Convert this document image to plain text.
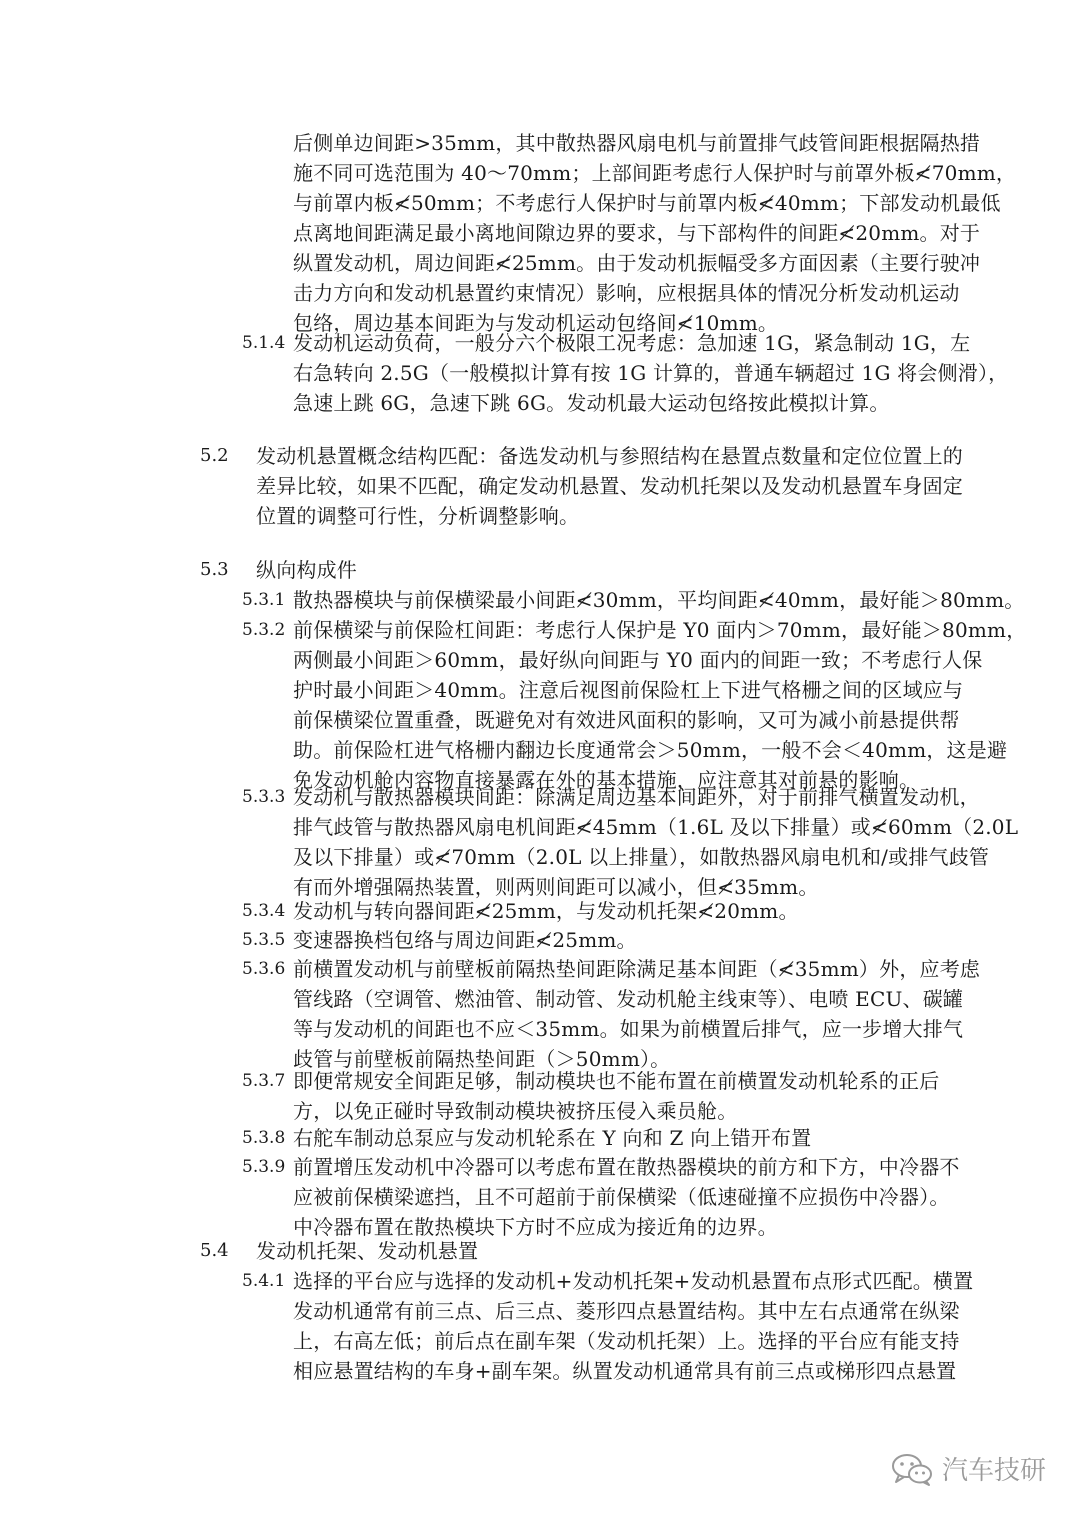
后侧单边间距>35mm，其中散热器风扇电机与前置排气歧管间距根据隔热措
施不同可选范围为 40～70mm；上部间距考虑行人保护时与前罩外板≮70mm，
与前罩内板≮50mm；不考虑行人保护时与前罩内板≮40mm；下部发动机最低
点离地间距满足最小离地间隙边界的要求，与下部构件的间距≮20mm。对于
纵置发动机，周边间距≮25mm。由于发动机振幅受多方面因素（主要行驶冲
击力方向和发动机悬置约束情况）影响，应根据具体的情况分析发动机运动
包络，周边基本间距为与发动机运动包络间≮10mm。
5.1.4 发动机运动负荷，一般分六个极限工况考虑：急加速 1G，紧急制动 1G，左
右急转向 2.5G（一般模拟计算有按 1G 计算的，普通车辆超过 1G 将会侧滑），
急速上跳 6G，急速下跳 6G。发动机最大运动包络按此模拟计算。
5.2 发动机悬置概念结构匹配：备选发动机与参照结构在悬置点数量和定位位置上的
差异比较，如果不匹配，确定发动机悬置、发动机托架以及发动机悬置车身固定
位置的调整可行性，分析调整影响。
5.3 纵向构成件
5.3.1 散热器模块与前保横梁最小间距≮30mm，平均间距≮40mm，最好能＞80mm。
5.3.2 前保横梁与前保险杠间距：考虑行人保护是 Y0 面内＞70mm，最好能＞80mm，
两侧最小间距＞60mm，最好纵向间距与 Y0 面内的间距一致；不考虑行人保
护时最小间距＞40mm。注意后视图前保险杠上下进气格栅之间的区域应与
前保横梁位置重叠，既避免对有效进风面积的影响，又可为减小前悬提供帮
助。前保险杠进气格栅内翻边长度通常会＞50mm，一般不会＜40mm，这是避
免发动机舱内容物直接暴露在外的基本措施，应注意其对前悬的影响。
5.3.3 发动机与散热器模块间距：除满足周边基本间距外，对于前排气横置发动机，
排气歧管与散热器风扇电机间距≮45mm（1.6L 及以下排量）或≮60mm（2.0L
及以下排量）或≮70mm（2.0L 以上排量），如散热器风扇电机和/或排气歧管
有而外增强隔热装置，则两则间距可以减小，但≮35mm。
5.3.4 发动机与转向器间距≮25mm，与发动机托架≮20mm。
5.3.5 变速器换档包络与周边间距≮25mm。
5.3.6 前横置发动机与前壁板前隔热垫间距除满足基本间距（≮35mm）外，应考虑
管线路（空调管、燃油管、制动管、发动机舱主线束等）、电喷 ECU、碳罐
等与发动机的间距也不应＜35mm。如果为前横置后排气，应一步增大排气
歧管与前壁板前隔热垫间距（＞50mm）。
5.3.7 即便常规安全间距足够，制动模块也不能布置在前横置发动机轮系的正后
方，以免正碰时导致制动模块被挤压侵入乘员舱。
5.3.8 右舵车制动总泵应与发动机轮系在 Y 向和 Z 向上错开布置
5.3.9 前置增压发动机中冷器可以考虑布置在散热器模块的前方和下方，中冷器不
应被前保横梁遮挡，且不可超前于前保横梁（低速碰撞不应损伤中冷器）。
中冷器布置在散热模块下方时不应成为接近角的边界。
5.4 发动机托架、发动机悬置
5.4.1 选择的平台应与选择的发动机+发动机托架+发动机悬置布点形式匹配。横置
发动机通常有前三点、后三点、菱形四点悬置结构。其中左右点通常在纵梁
上，右高左低；前后点在副车架（发动机托架）上。选择的平台应有能支持
相应悬置结构的车身+副车架。纵置发动机通常具有前三点或梯形四点悬置
汽车技研
